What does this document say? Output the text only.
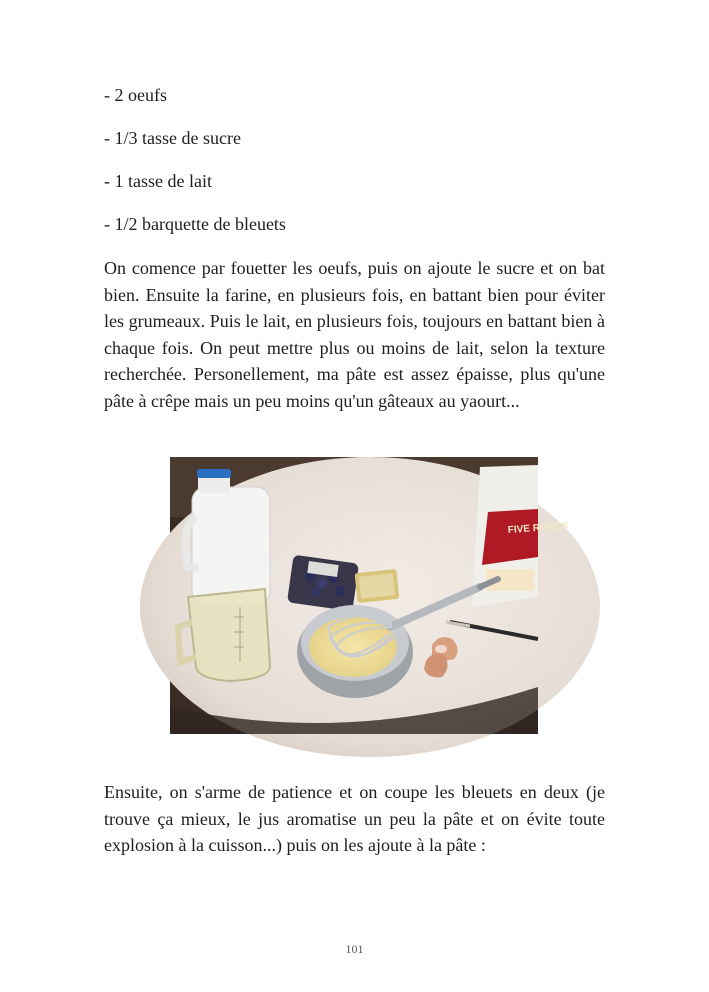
- 2 oeufs
- 1/3 tasse de sucre
- 1 tasse de lait
- 1/2 barquette de bleuets
On comence par fouetter les oeufs, puis on ajoute le sucre et on bat bien. Ensuite la farine, en plusieurs fois, en battant bien pour éviter les grumeaux. Puis le lait, en plusieurs fois, toujours en battant bien à chaque fois. On peut mettre plus ou moins de lait, selon la texture recherchée. Personellement, ma pâte est assez épaisse, plus qu'une pâte à crêpe mais un peu moins qu'un gâteaux au yaourt...
FIVE ROSES
Ensuite, on s'arme de patience et on coupe les bleuets en deux (je trouve ça mieux, le jus aromatise un peu la pâte et on évite toute explosion à la cuisson...) puis on les ajoute à la pâte :
101
